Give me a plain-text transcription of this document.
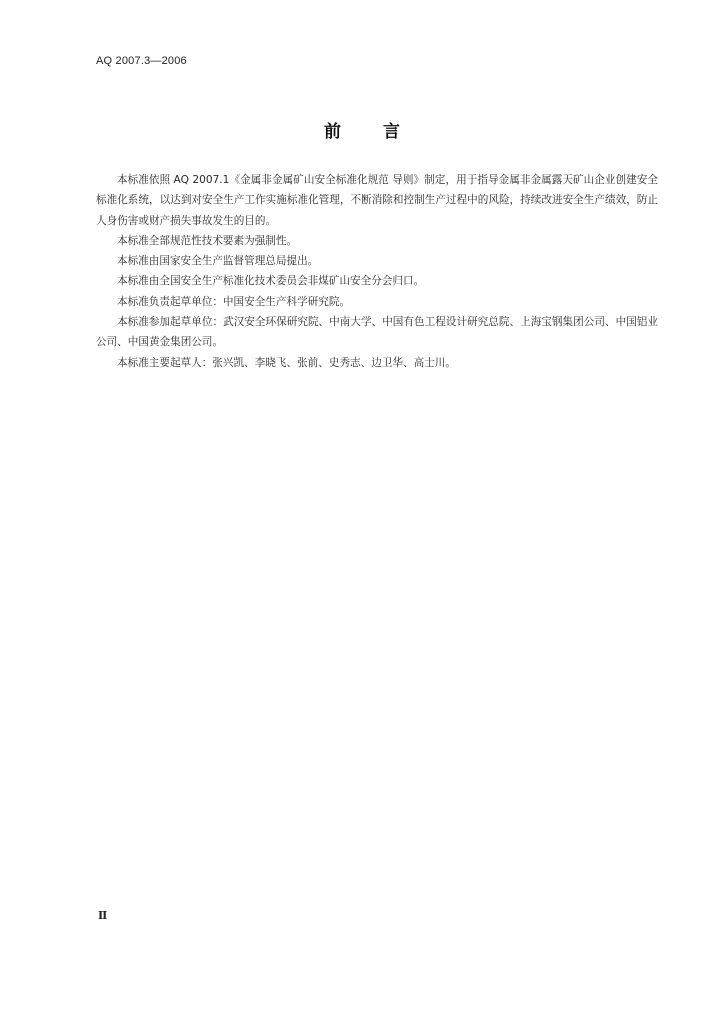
AQ 2007.3—2006
前 言

本标准依照 AQ 2007.1《金属非金属矿山安全标准化规范 导则》制定，用于指导金属非金属露天矿山企业创建安全标准化系统，以达到对安全生产工作实施标准化管理，不断消除和控制生产过程中的风险，持续改进安全生产绩效，防止人身伤害或财产损失事故发生的目的。

本标准全部规范性技术要素为强制性。

本标准由国家安全生产监督管理总局提出。

本标准由全国安全生产标准化技术委员会非煤矿山安全分会归口。

本标准负责起草单位：中国安全生产科学研究院。

本标准参加起草单位：武汉安全环保研究院、中南大学、中国有色工程设计研究总院、上海宝钢集团公司、中国铝业公司、中国黄金集团公司。

本标准主要起草人：张兴凯、李晓飞、张前、史秀志、边卫华、高士川。

Ⅱ
